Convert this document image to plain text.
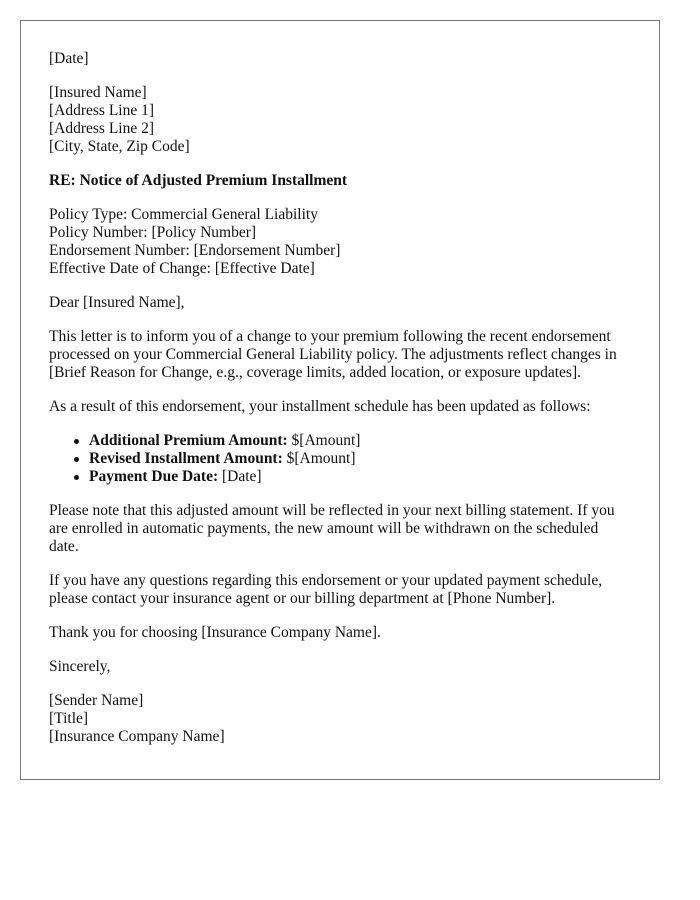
[Date]
[Insured Name]
[Address Line 1]
[Address Line 2]
[City, State, Zip Code]
RE: Notice of Adjusted Premium Installment
Policy Type: Commercial General Liability
Policy Number: [Policy Number]
Endorsement Number: [Endorsement Number]
Effective Date of Change: [Effective Date]

Dear [Insured Name],

This letter is to inform you of a change to your premium following the recent endorsement processed on your Commercial General Liability policy. The adjustments reflect changes in [Brief Reason for Change, e.g., coverage limits, added location, or exposure updates].

As a result of this endorsement, your installment schedule has been updated as follows:

Additional Premium Amount: $[Amount]
Revised Installment Amount: $[Amount]
Payment Due Date: [Date]

Please note that this adjusted amount will be reflected in your next billing statement. If you are enrolled in automatic payments, the new amount will be withdrawn on the scheduled date.

If you have any questions regarding this endorsement or your updated payment schedule, please contact your insurance agent or our billing department at [Phone Number].

Thank you for choosing [Insurance Company Name].

Sincerely,

[Sender Name]
[Title]
[Insurance Company Name]
